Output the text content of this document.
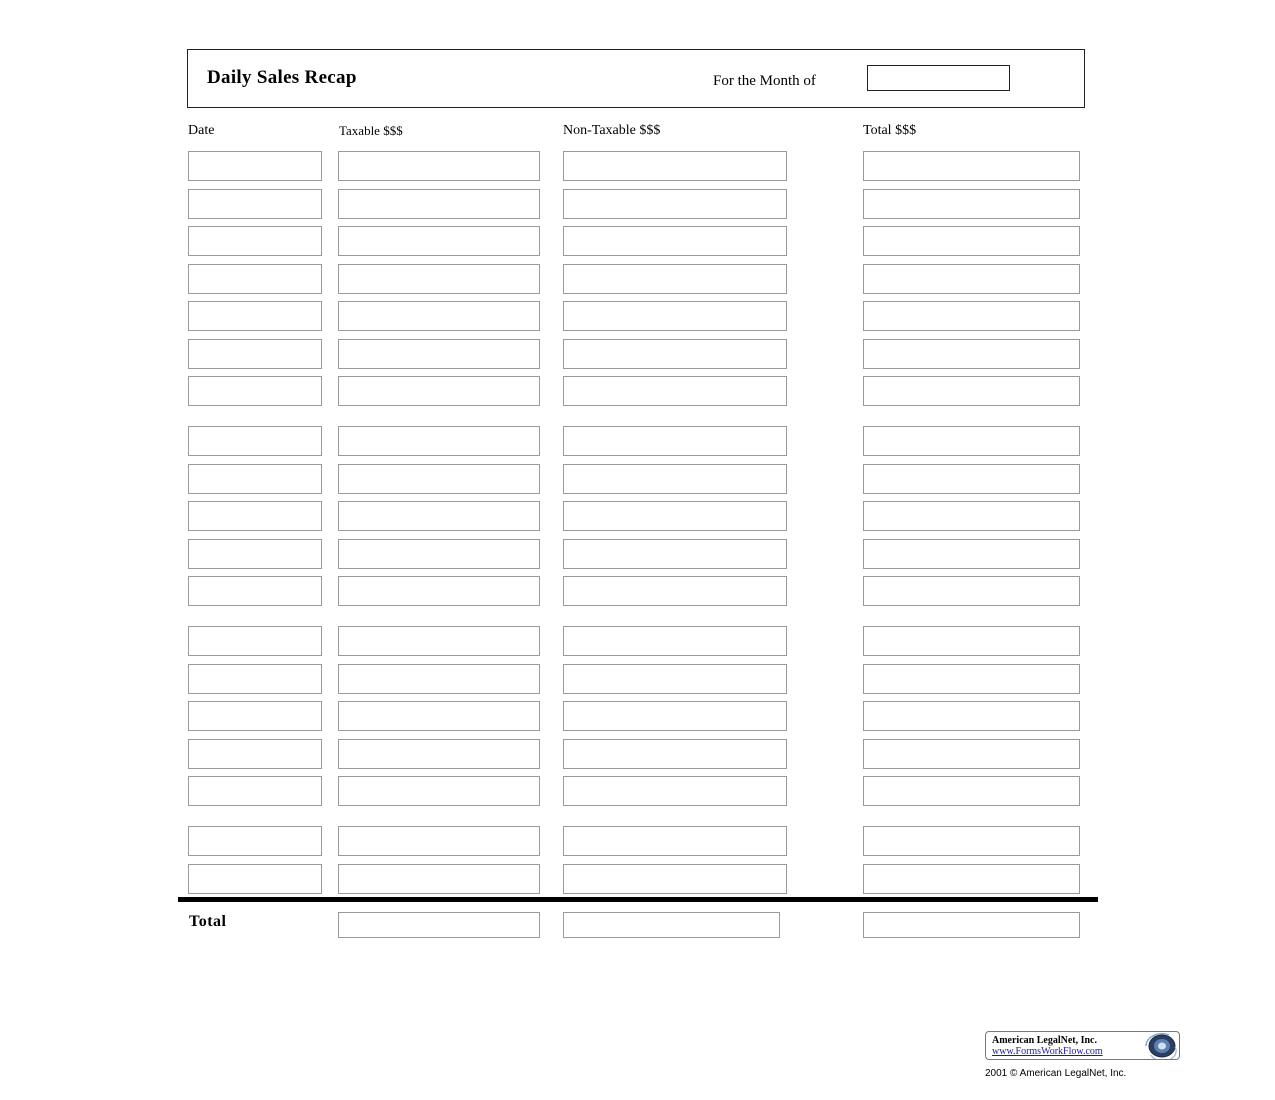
Daily Sales Recap	For the Month of
Date	Taxable $$$	Non-Taxable $$$	Total $$$
Total
American LegalNet, Inc.
www.FormsWorkFlow.com
2001 © American LegalNet, Inc.
